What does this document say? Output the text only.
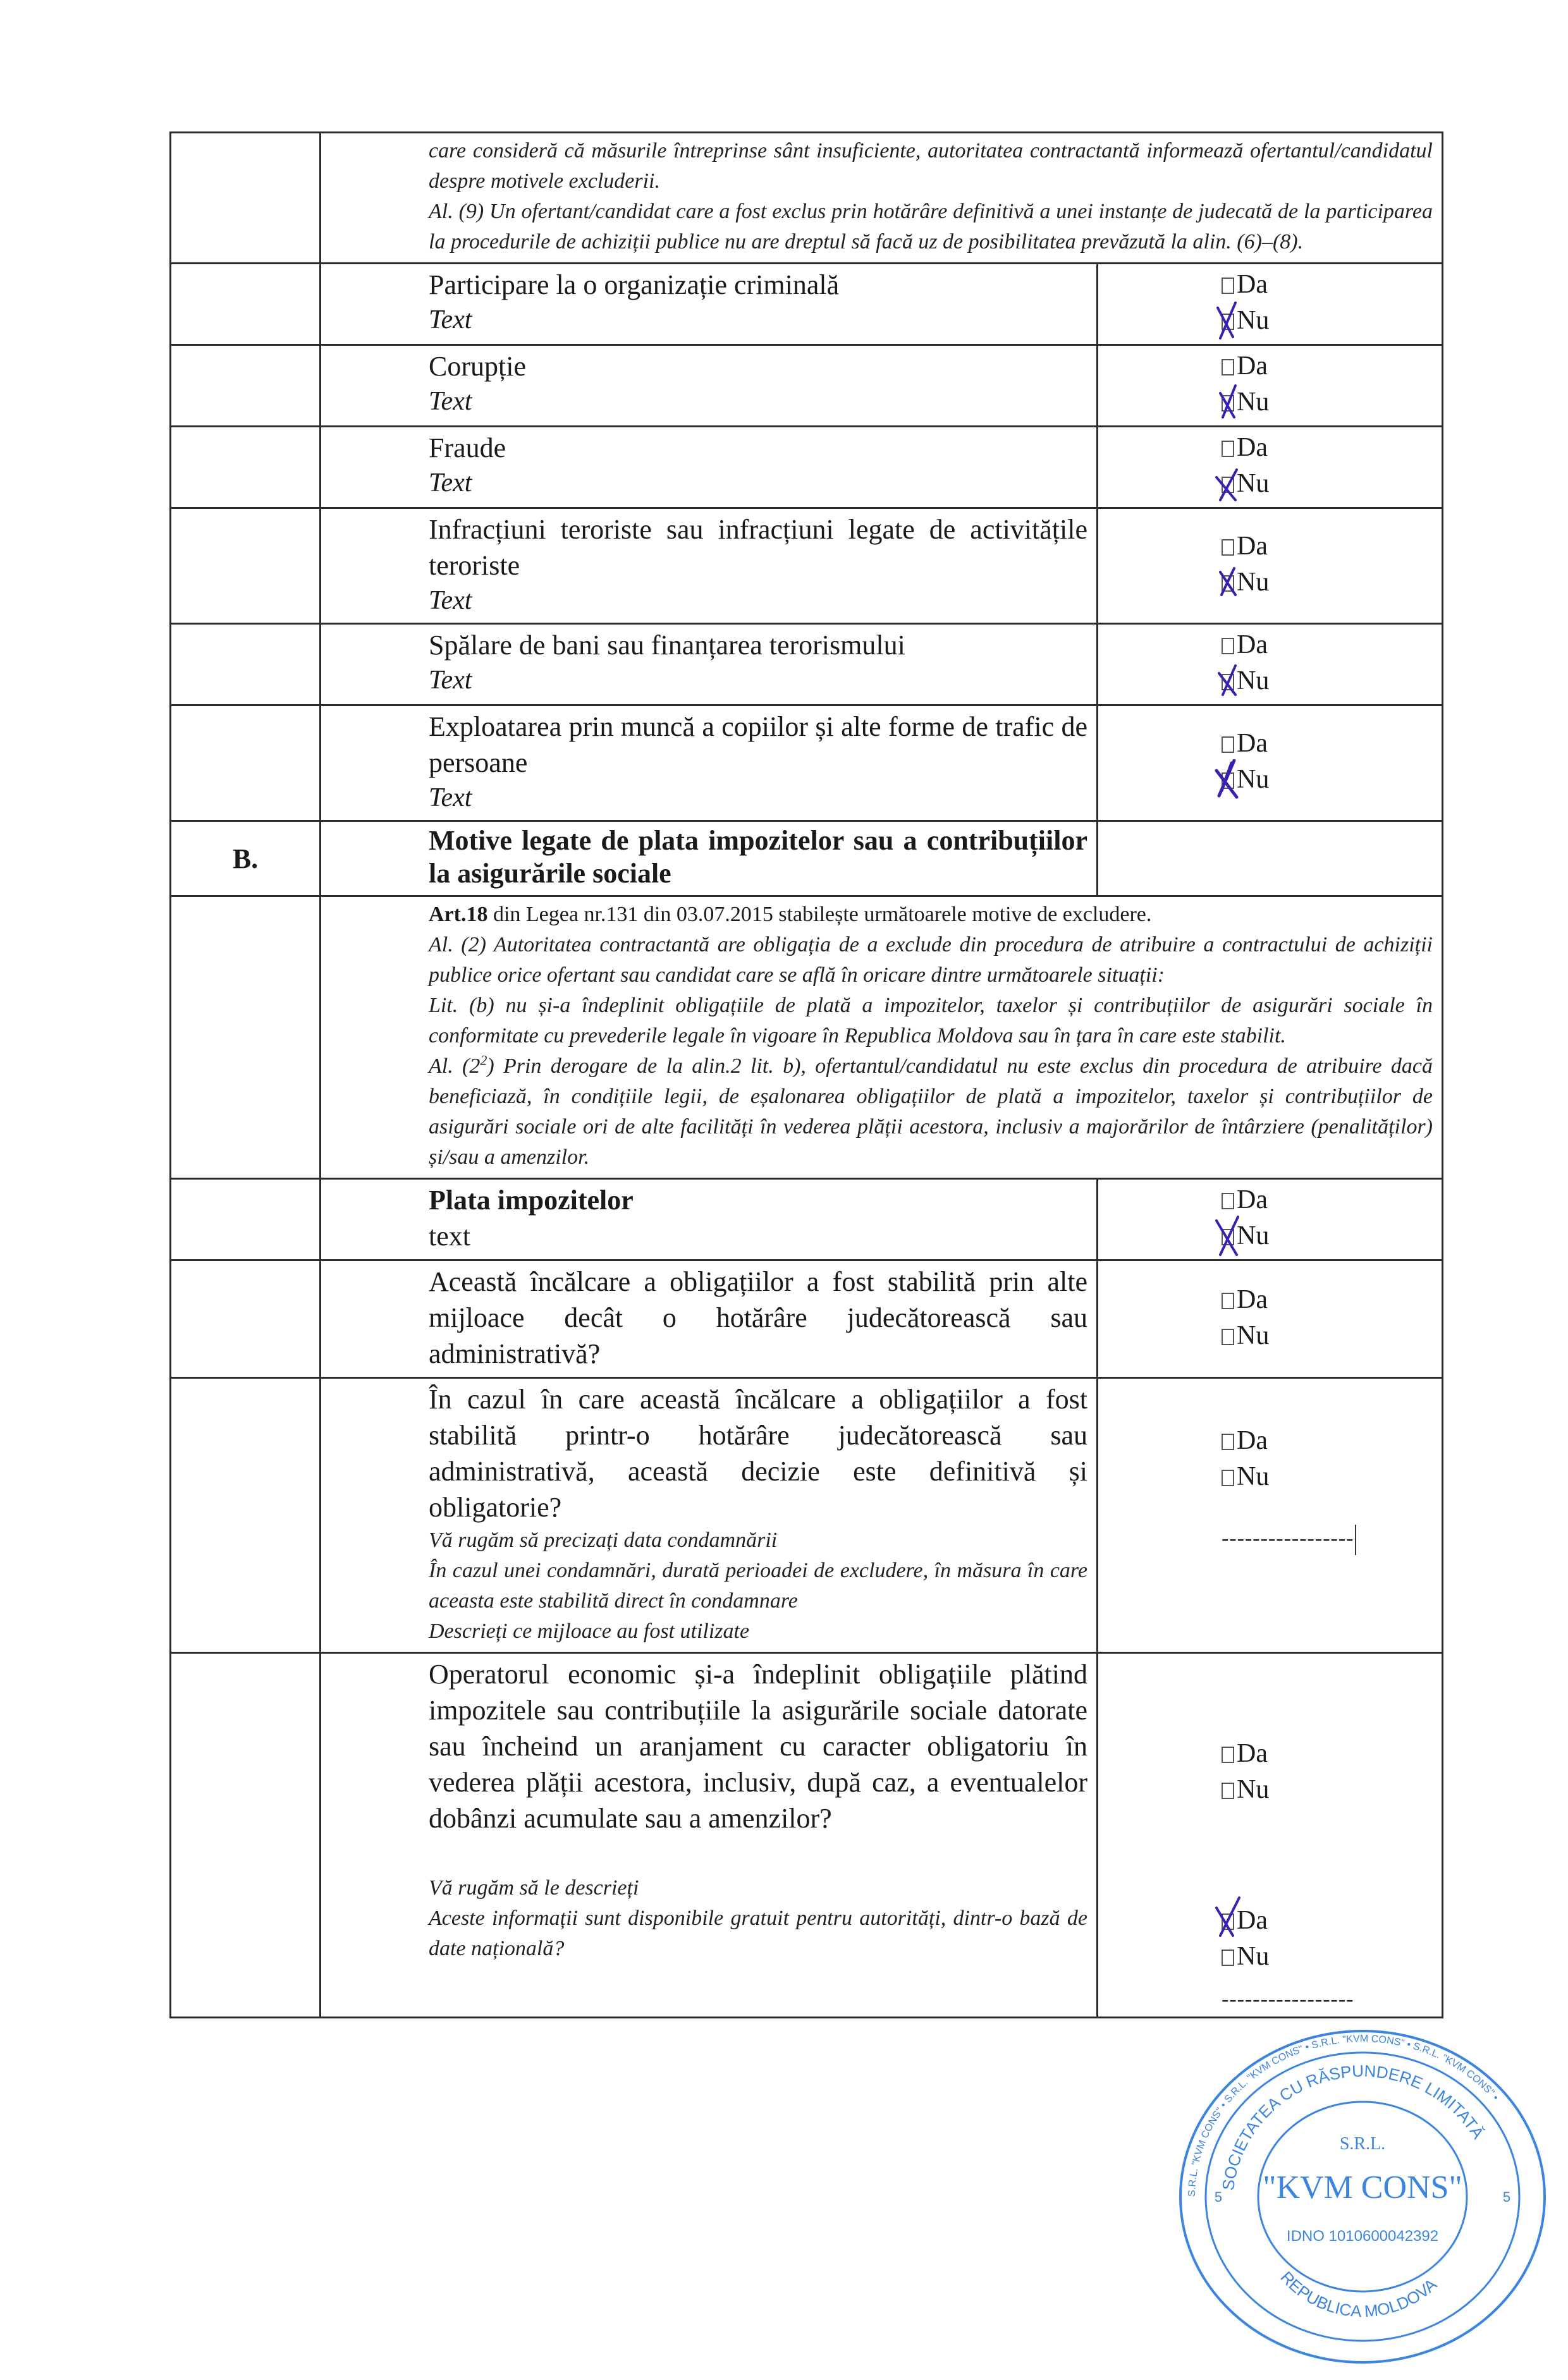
care consideră că măsurile întreprinse sânt insuficiente, autoritatea contractantă informează ofertantul/candidatul despre motivele excluderii.
Al. (9) Un ofertant/candidat care a fost exclus prin hotărâre definitivă a unei instanțe de judecată de la participarea la procedurile de achiziții publice nu are dreptul să facă uz de posibilitatea prevăzută la alin. (6)–(8).
Participare la o organizație criminală
Text
Da
Nu
Corupție
Text
Da
Nu
Fraude
Text
Da
Nu
Infracțiuni teroriste sau infracțiuni legate de activitățile teroriste
Text
Da
Nu
Spălare de bani sau finanțarea terorismului
Text
Da
Nu
Exploatarea prin muncă a copiilor și alte forme de trafic de persoane
Text
Da
Nu
B.
Motive legate de plata impozitelor sau a contribuțiilor la asigurările sociale
Art.18 din Legea nr.131 din 03.07.2015 stabilește următoarele motive de excludere.
Al. (2) Autoritatea contractantă are obligația de a exclude din procedura de atribuire a contractului de achiziții publice orice ofertant sau candidat care se află în oricare dintre următoarele situații:
Lit. (b) nu și-a îndeplinit obligațiile de plată a impozitelor, taxelor și contribuțiilor de asigurări sociale în conformitate cu prevederile legale în vigoare în Republica Moldova sau în țara în care este stabilit.
Al. $(2^2)$ Prin derogare de la alin.2 lit. b), ofertantul/candidatul nu este exclus din procedura de atribuire dacă beneficiază, în condițiile legii, de eșalonarea obligațiilor de plată a impozitelor, taxelor și contribuțiilor de asigurări sociale ori de alte facilități în vederea plății acestora, inclusiv a majorărilor de întârziere (penalităților) și/sau a amenzilor.
Plata impozitelor
text
Da
Nu
Această încălcare a obligațiilor a fost stabilită prin alte mijloace decât o hotărâre judecătorească sau administrativă?
Da
Nu
În cazul în care această încălcare a obligațiilor a fost stabilită printr-o hotărâre judecătorească sau administrativă, această decizie este definitivă și obligatorie?
Vă rugăm să precizați data condamnării
În cazul unei condamnări, durată perioadei de excludere, în măsura în care aceasta este stabilită direct în condamnare
Descrieți ce mijloace au fost utilizate
Da
Nu
-----------------
Operatorul economic și-a îndeplinit obligațiile plătind impozitele sau contribuțiile la asigurările sociale datorate sau încheind un aranjament cu caracter obligatoriu în vederea plății acestora, inclusiv, după caz, a eventualelor dobânzi acumulate sau a amenzilor?
Vă rugăm să le descrieți
Aceste informații sunt disponibile gratuit pentru autorități, dintr-o bază de date națională?
Da
Nu
Da
Nu
-----------------
S.R.L. "KVM CONS" • S.R.L. "KVM CONS" • S.R.L. "KVM CONS" • S.R.L. "KVM CONS" •
SOCIETATEA CU RĂSPUNDERE LIMITATĂ
REPUBLICA MOLDOVA
S.R.L.
"KVM CONS"
IDNO 1010600042392
5	5
